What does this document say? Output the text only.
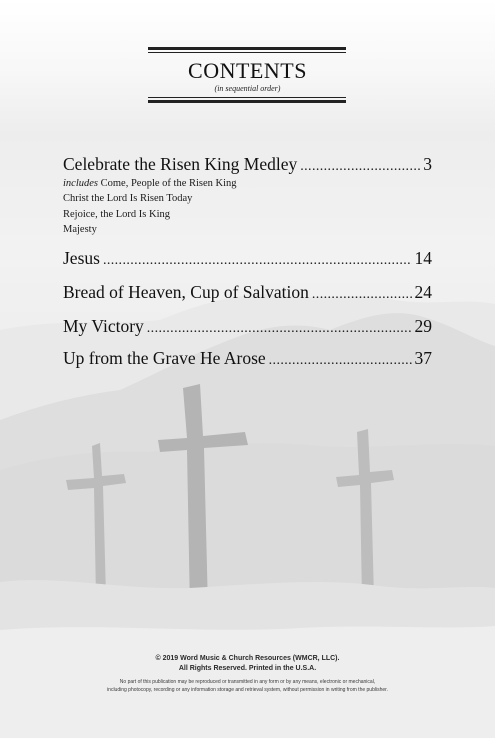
CONTENTS
(in sequential order)
Celebrate the Risen King Medley .....	3
includes Come, People of the Risen King
Christ the Lord Is Risen Today
Rejoice, the Lord Is King
Majesty
Jesus .....	14
Bread of Heaven, Cup of Salvation .....	24
My Victory .....	29
Up from the Grave He Arose .....	37
© 2019 Word Music & Church Resources (WMCR, LLC).
All Rights Reserved. Printed in the U.S.A.
No part of this publication may be reproduced or transmitted in any form or by any means, electronic or mechanical,
including photocopy, recording or any information storage and retrieval system, without permission in writing from the publisher.
